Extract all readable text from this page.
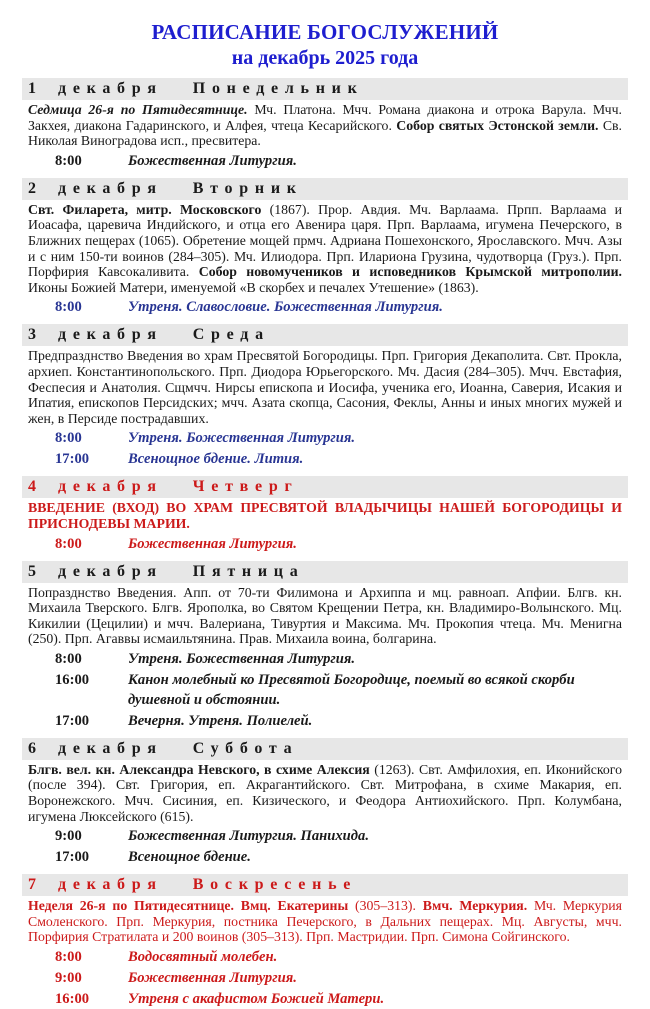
РАСПИСАНИЕ БОГОСЛУЖЕНИЙ
на декабрь 2025 года
1 декабря Понедельник

Седмица 26-я по Пятидесятнице. Мч. Платона. Мчч. Романа диакона и отрока Варула. Мчч. Закхея, диакона Гадаринского, и Алфея, чтеца Кесарийского. Собор святых Эстонской земли. Св. Николая Виноградова исп., пресвитера.

8:00	Божественная Литургия.
2 декабря Вторник

Свт. Филарета, митр. Московского (1867). Прор. Авдия. Мч. Варлаама. Прпп. Варлаама и Иоасафа, царевича Индийского, и отца его Авенира царя. Прп. Варлаама, игумена Печерского, в Ближних пещерах (1065). Обретение мощей прмч. Адриана Пошехонского, Ярославского. Мчч. Азы и с ним 150-ти воинов (284–305). Мч. Илиодора. Прп. Илариона Грузина, чудотворца (Груз.). Прп. Порфирия Кавсокаливита. Собор новомучеников и исповедников Крымской митрополии. Иконы Божией Матери, именуемой «В скорбех и печалех Утешение» (1863).

8:00	Утреня. Славословие. Божественная Литургия.
3 декабря Среда

Предпразднство Введения во храм Пресвятой Богородицы. Прп. Григория Декаполита. Свт. Прокла, архиеп. Константинопольского. Прп. Диодора Юрьегорского. Мч. Дасия (284–305). Мчч. Евстафия, Феспесия и Анатолия. Сщмчч. Нирсы епископа и Иосифа, ученика его, Иоанна, Саверия, Исакия и Ипатия, епископов Персидских; мчч. Азата скопца, Сасония, Феклы, Анны и иных многих мужей и жен, в Персиде пострадавших.

8:00	Утреня. Божественная Литургия.
17:00	Всенощное бдение. Лития.
4 декабря Четверг

ВВЕДЕНИЕ (ВХОД) ВО ХРАМ ПРЕСВЯТОЙ ВЛАДЫЧИЦЫ НАШЕЙ БОГОРОДИЦЫ И ПРИСНОДЕВЫ МАРИИ.

8:00	Божественная Литургия.
5 декабря Пятница

Попразднство Введения. Апп. от 70-ти Филимона и Архиппа и мц. равноап. Апфии. Блгв. кн. Михаила Тверского. Блгв. Ярополка, во Святом Крещении Петра, кн. Владимиро-Волынского. Мц. Кикилии (Цецилии) и мчч. Валериана, Тивуртия и Максима. Мч. Прокопия чтеца. Мч. Менигна (250). Прп. Агаввы исмаильтянина. Прав. Михаила воина, болгарина.

8:00	Утреня. Божественная Литургия.
16:00	Канон молебный ко Пресвятой Богородице, поемый во всякой скорби душевной и обстоянии.
17:00	Вечерня. Утреня. Полиелей.
6 декабря Суббота

Блгв. вел. кн. Александра Невского, в схиме Алексия (1263). Свт. Амфилохия, еп. Иконийского (после 394). Свт. Григория, еп. Акрагантийского. Свт. Митрофана, в схиме Макария, еп. Воронежского. Мчч. Сисиния, еп. Кизического, и Феодора Антиохийского. Прп. Колумбана, игумена Люксейского (615).

9:00	Божественная Литургия. Панихида.
17:00	Всенощное бдение.
7 декабря Воскресенье

Неделя 26-я по Пятидесятнице. Вмц. Екатерины (305–313). Вмч. Меркурия. Мч. Меркурия Смоленского. Прп. Меркурия, постника Печерского, в Дальних пещерах. Мц. Августы, мчч. Порфирия Стратилата и 200 воинов (305–313). Прп. Мастридии. Прп. Симона Сойгинского.

8:00	Водосвятный молебен.
9:00	Божественная Литургия.
16:00	Утреня с акафистом Божией Матери.
